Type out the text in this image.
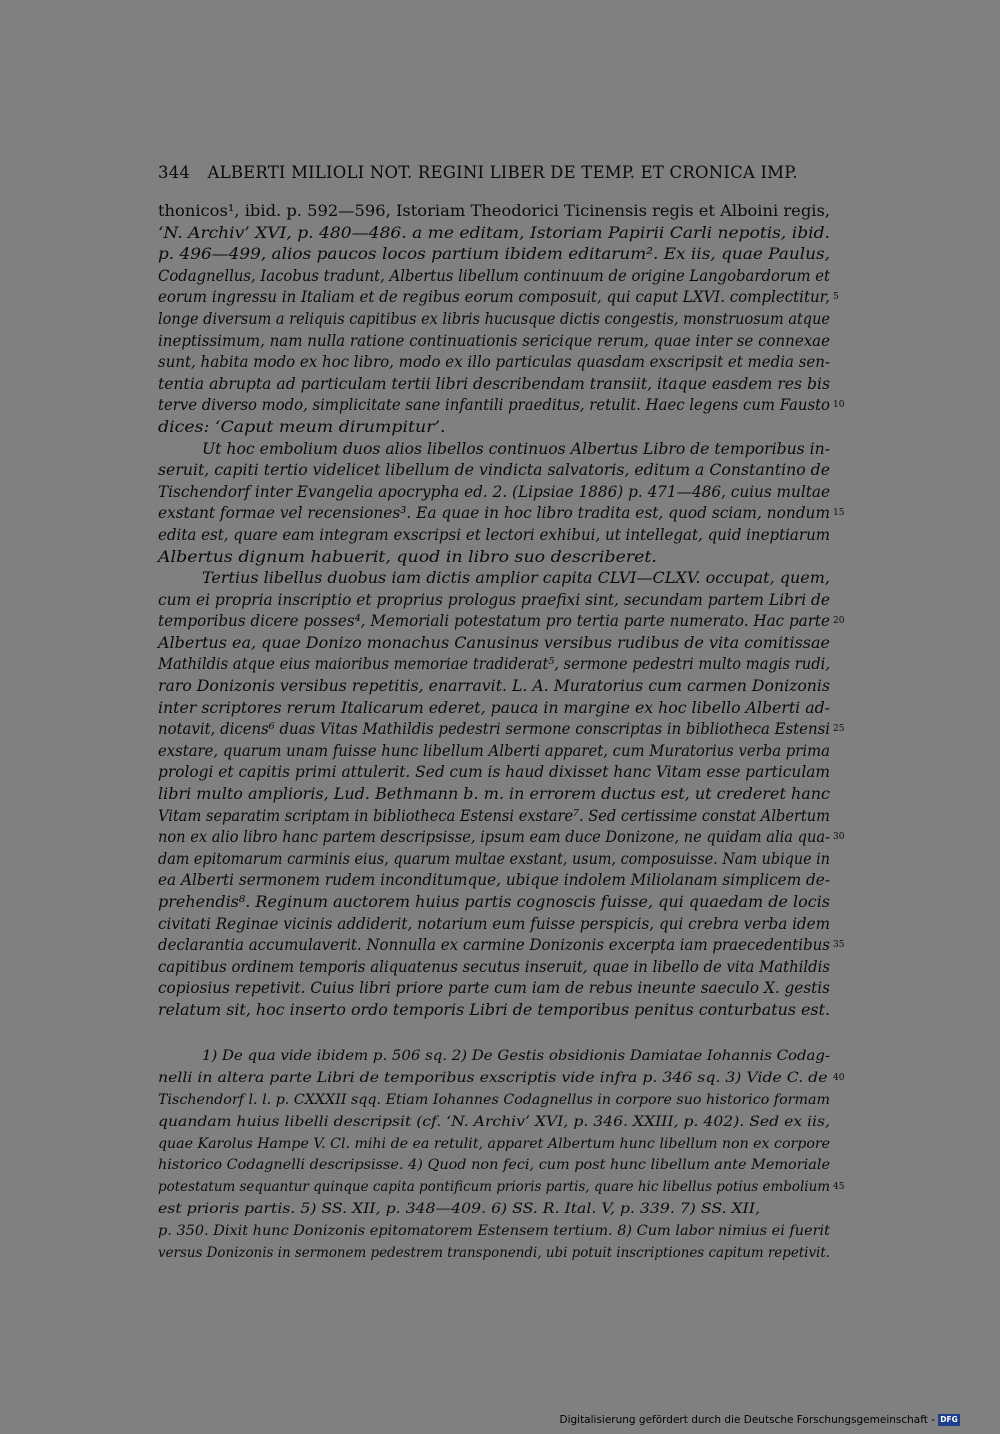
344 ALBERTI MILIOLI NOT. REGINI LIBER DE TEMP. ET CRONICA IMP.
thonicos¹, ibid. p. 592—596, Istoriam Theodorici Ticinensis regis et Alboini regis,
‘N. Archiv’ XVI, p. 480—486. a me editam, Istoriam Papirii Carli nepotis, ibid.
p. 496—499, alios paucos locos partium ibidem editarum². Ex iis, quae Paulus,
Codagnellus, Iacobus tradunt, Albertus libellum continuum de origine Langobardorum et
eorum ingressu in Italiam et de regibus eorum composuit, qui caput LXVI. complectitur, 5
longe diversum a reliquis capitibus ex libris hucusque dictis congestis, monstruosum atque
ineptissimum, nam nulla ratione continuationis sericique rerum, quae inter se connexae
sunt, habita modo ex hoc libro, modo ex illo particulas quasdam exscripsit et media sen-
tentia abrupta ad particulam tertii libri describendam transiit, itaque easdem res bis
terve diverso modo, simplicitate sane infantili praeditus, retulit. Haec legens cum Fausto 10
dices: ‘Caput meum dirumpitur’.
Ut hoc embolium duos alios libellos continuos Albertus Libro de temporibus in-
seruit, capiti tertio videlicet libellum de vindicta salvatoris, editum a Constantino de
Tischendorf inter Evangelia apocrypha ed. 2. (Lipsiae 1886) p. 471—486, cuius multae
exstant formae vel recensiones³. Ea quae in hoc libro tradita est, quod sciam, nondum 15
edita est, quare eam integram exscripsi et lectori exhibui, ut intellegat, quid ineptiarum
Albertus dignum habuerit, quod in libro suo describeret.
Tertius libellus duobus iam dictis amplior capita CLVI—CLXV. occupat, quem,
cum ei propria inscriptio et proprius prologus praefixi sint, secundam partem Libri de
temporibus dicere posses⁴, Memoriali potestatum pro tertia parte numerato. Hac parte 20
Albertus ea, quae Donizo monachus Canusinus versibus rudibus de vita comitissae
Mathildis atque eius maioribus memoriae tradiderat⁵, sermone pedestri multo magis rudi,
raro Donizonis versibus repetitis, enarravit. L. A. Muratorius cum carmen Donizonis
inter scriptores rerum Italicarum ederet, pauca in margine ex hoc libello Alberti ad-
notavit, dicens⁶ duas Vitas Mathildis pedestri sermone conscriptas in bibliotheca Estensi 25
exstare, quarum unam fuisse hunc libellum Alberti apparet, cum Muratorius verba prima
prologi et capitis primi attulerit. Sed cum is haud dixisset hanc Vitam esse particulam
libri multo amplioris, Lud. Bethmann b. m. in errorem ductus est, ut crederet hanc
Vitam separatim scriptam in bibliotheca Estensi exstare⁷. Sed certissime constat Albertum
non ex alio libro hanc partem descripsisse, ipsum eam duce Donizone, ne quidam alia qua- 30
dam epitomarum carminis eius, quarum multae exstant, usum, composuisse. Nam ubique in
ea Alberti sermonem rudem inconditumque, ubique indolem Miliolanam simplicem de-
prehendis⁸. Reginum auctorem huius partis cognoscis fuisse, qui quaedam de locis
civitati Reginae vicinis addiderit, notarium eum fuisse perspicis, qui crebra verba idem
declarantia accumulaverit. Nonnulla ex carmine Donizonis excerpta iam praecedentibus 35
capitibus ordinem temporis aliquatenus secutus inseruit, quae in libello de vita Mathildis
copiosius repetivit. Cuius libri priore parte cum iam de rebus ineunte saeculo X. gestis
relatum sit, hoc inserto ordo temporis Libri de temporibus penitus conturbatus est.
1) De qua vide ibidem p. 506 sq. 2) De Gestis obsidionis Damiatae Iohannis Codag-
nelli in altera parte Libri de temporibus exscriptis vide infra p. 346 sq. 3) Vide C. de 40
Tischendorf l. l. p. CXXXII sqq. Etiam Iohannes Codagnellus in corpore suo historico formam
quandam huius libelli descripsit (cf. ‘N. Archiv’ XVI, p. 346. XXIII, p. 402). Sed ex iis,
quae Karolus Hampe V. Cl. mihi de ea retulit, apparet Albertum hunc libellum non ex corpore
historico Codagnelli descripsisse. 4) Quod non feci, cum post hunc libellum ante Memoriale
potestatum sequantur quinque capita pontificum prioris partis, quare hic libellus potius embolium 45
est prioris partis. 5) SS. XII, p. 348—409. 6) SS. R. Ital. V, p. 339. 7) SS. XII,
p. 350. Dixit hunc Donizonis epitomatorem Estensem tertium. 8) Cum labor nimius ei fuerit
versus Donizonis in sermonem pedestrem transponendi, ubi potuit inscriptiones capitum repetivit.
Digitalisierung gefördert durch die Deutsche Forschungsgemeinschaft - DFG
